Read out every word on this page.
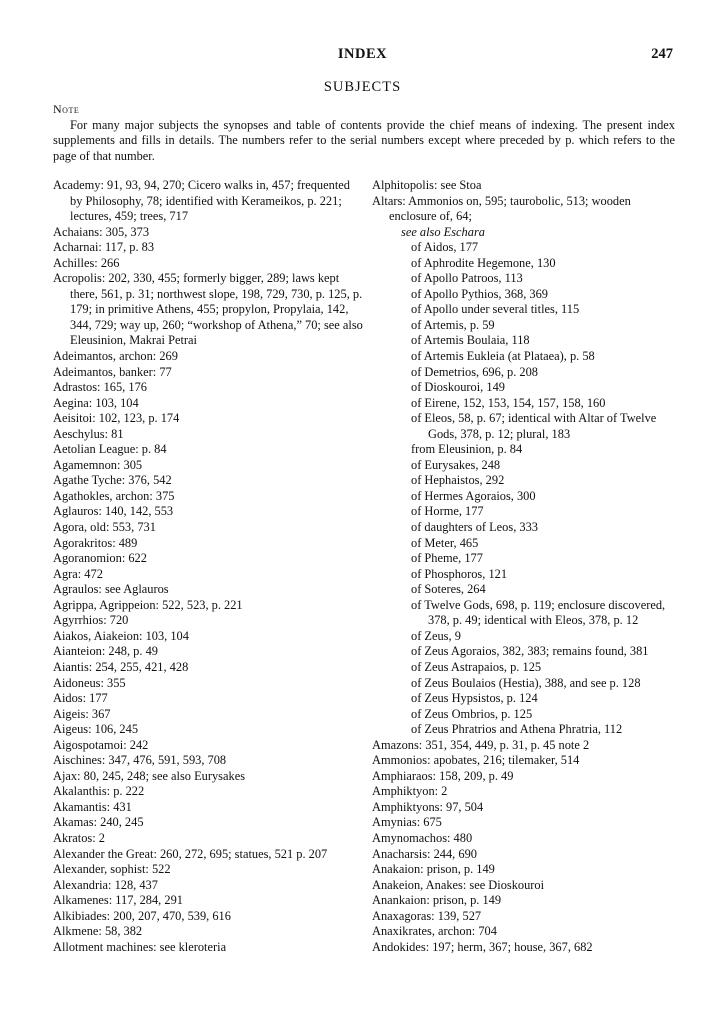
INDEX	247
SUBJECTS
Note
For many major subjects the synopses and table of contents provide the chief means of indexing. The present index supplements and fills in details. The numbers refer to the serial numbers except where preceded by p. which refers to the page of that number.
Academy: 91, 93, 94, 270; Cicero walks in, 457; frequented by Philosophy, 78; identified with Kerameikos, p. 221; lectures, 459; trees, 717
Achaians: 305, 373
Acharnai: 117, p. 83
Achilles: 266
Acropolis: 202, 330, 455; formerly bigger, 289; laws kept there, 561, p. 31; northwest slope, 198, 729, 730, p. 125, p. 179; in primitive Athens, 455; propylon, Propylaia, 142, 344, 729; way up, 260; “workshop of Athena,” 70; see also Eleusinion, Makrai Petrai
Adeimantos, archon: 269
Adeimantos, banker: 77
Adrastos: 165, 176
Aegina: 103, 104
Aeisitoi: 102, 123, p. 174
Aeschylus: 81
Aetolian League: p. 84
Agamemnon: 305
Agathe Tyche: 376, 542
Agathokles, archon: 375
Aglauros: 140, 142, 553
Agora, old: 553, 731
Agorakritos: 489
Agoranomion: 622
Agra: 472
Agraulos: see Aglauros
Agrippa, Agrippeion: 522, 523, p. 221
Agyrrhios: 720
Aiakos, Aiakeion: 103, 104
Aianteion: 248, p. 49
Aiantis: 254, 255, 421, 428
Aidoneus: 355
Aidos: 177
Aigeis: 367
Aigeus: 106, 245
Aigospotamoi: 242
Aischines: 347, 476, 591, 593, 708
Ajax: 80, 245, 248; see also Eurysakes
Akalanthis: p. 222
Akamantis: 431
Akamas: 240, 245
Akratos: 2
Alexander the Great: 260, 272, 695; statues, 521 p. 207
Alexander, sophist: 522
Alexandria: 128, 437
Alkamenes: 117, 284, 291
Alkibiades: 200, 207, 470, 539, 616
Alkmene: 58, 382
Allotment machines: see kleroteria
Alphitopolis: see Stoa
Altars: Ammonios on, 595; taurobolic, 513; wooden enclosure of, 64;
see also Eschara
of Aidos, 177
of Aphrodite Hegemone, 130
of Apollo Patroos, 113
of Apollo Pythios, 368, 369
of Apollo under several titles, 115
of Artemis, p. 59
of Artemis Boulaia, 118
of Artemis Eukleia (at Plataea), p. 58
of Demetrios, 696, p. 208
of Dioskouroi, 149
of Eirene, 152, 153, 154, 157, 158, 160
of Eleos, 58, p. 67; identical with Altar of Twelve Gods, 378, p. 12; plural, 183
from Eleusinion, p. 84
of Eurysakes, 248
of Hephaistos, 292
of Hermes Agoraios, 300
of Horme, 177
of daughters of Leos, 333
of Meter, 465
of Pheme, 177
of Phosphoros, 121
of Soteres, 264
of Twelve Gods, 698, p. 119; enclosure discovered, 378, p. 49; identical with Eleos, 378, p. 12
of Zeus, 9
of Zeus Agoraios, 382, 383; remains found, 381
of Zeus Astrapaios, p. 125
of Zeus Boulaios (Hestia), 388, and see p. 128
of Zeus Hypsistos, p. 124
of Zeus Ombrios, p. 125
of Zeus Phratrios and Athena Phratria, 112
Amazons: 351, 354, 449, p. 31, p. 45 note 2
Ammonios: apobates, 216; tilemaker, 514
Amphiaraos: 158, 209, p. 49
Amphiktyon: 2
Amphiktyons: 97, 504
Amynias: 675
Amynomachos: 480
Anacharsis: 244, 690
Anakaion: prison, p. 149
Anakeion, Anakes: see Dioskouroi
Anankaion: prison, p. 149
Anaxagoras: 139, 527
Anaxikrates, archon: 704
Andokides: 197; herm, 367; house, 367, 682
